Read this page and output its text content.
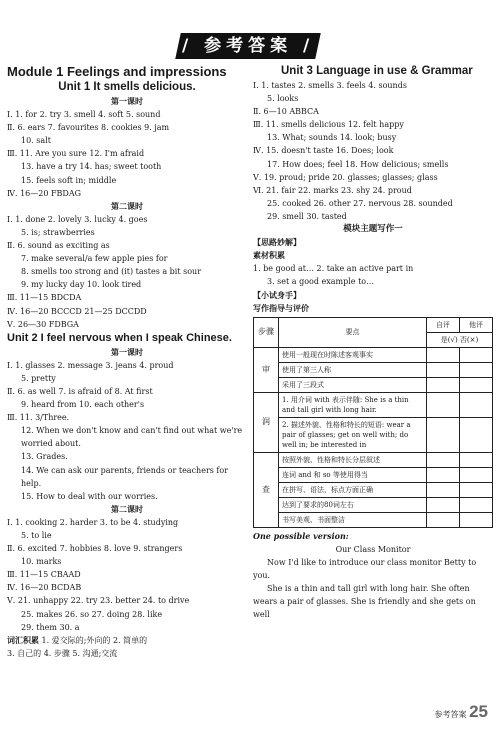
/ 参考答案 /
Module 1 Feelings and impressions
Unit 1 It smells delicious.
第一课时
Ⅰ. 1. for 2. try 3. smell 4. soft 5. sound
Ⅱ. 6. ears 7. favourites 8. cookies 9. jam
10. salt
Ⅲ. 11. Are you sure 12. I'm afraid
13. have a try 14. has; sweet tooth
15. feels soft in; middle
Ⅳ. 16—20 FBDAG
第二课时
Ⅰ. 1. done 2. lovely 3. lucky 4. goes
5. is; strawberries
Ⅱ. 6. sound as exciting as
7. make several/a few apple pies for
8. smells too strong and (it) tastes a bit sour
9. my lucky day 10. look tired
Ⅲ. 11—15 BDCDA
Ⅳ. 16—20 BCCCD 21—25 DCCDD
Ⅴ. 26—30 FDBGA
Unit 2 I feel nervous when I speak Chinese.
第一课时
Ⅰ. 1. glasses 2. message 3. jeans 4. proud
5. pretty
Ⅱ. 6. as well 7. is afraid of 8. At first
9. heard from 10. each other's
Ⅲ. 11. 3/Three.
12. When we don't know and can't find out what we're worried about.
13. Grades.
14. We can ask our parents, friends or teachers for help.
15. How to deal with our worries.
第二课时
Ⅰ. 1. cooking 2. harder 3. to be 4. studying
5. to lie
Ⅱ. 6. excited 7. hobbies 8. love 9. strangers
10. marks
Ⅲ. 11—15 CBAAD
Ⅳ. 16—20 BCDAB
Ⅴ. 21. unhappy 22. try 23. better 24. to drive
25. makes 26. so 27. doing 28. like
29. them 30. a
词汇积累 1. 爱交际的;外向的 2. 简单的
3. 自己的 4. 步骤 5. 沟通;交流
Unit 3 Language in use & Grammar
Ⅰ. 1. tastes 2. smells 3. feels 4. sounds
5. looks
Ⅱ. 6—10 ABBCA
Ⅲ. 11. smells delicious 12. felt happy
13. What; sounds 14. look; busy
Ⅳ. 15. doesn't taste 16. Does; look
17. How does; feel 18. How delicious; smells
Ⅴ. 19. proud; pride 20. glasses; glasses; glass
Ⅵ. 21. fair 22. marks 23. shy 24. proud
25. cooked 26. other 27. nervous 28. sounded
29. smell 30. tasted
模块主题写作一
【思路妙解】
素材积累
1. be good at… 2. take an active part in
3. set a good example to…
【小试身手】
写作指导与评价
步骤	要点	自评	他评
		是(√) 否(×)	
审	使用一般现在时陈述客观事实		
	使用了第三人称		
	采用了三段式		
润	1. 用介词 with 表示伴随: She is a thin and tall girl with long hair.		
	2. 描述外貌、性格和特长的短语: wear a pair of glasses; get on well with; do well in; be interested in		
查	按照外貌、性格和特长分层叙述		
	连词 and 和 so 等使用得当		
	在拼写、语法、标点方面正确		
	达到了要求的80词左右		
	书写美观、书面整洁		
One possible version:
Our Class Monitor
Now I'd like to introduce our class monitor Betty to you.
She is a thin and tall girl with long hair. She often wears a pair of glasses. She is friendly and she gets on well
参考答案 25
